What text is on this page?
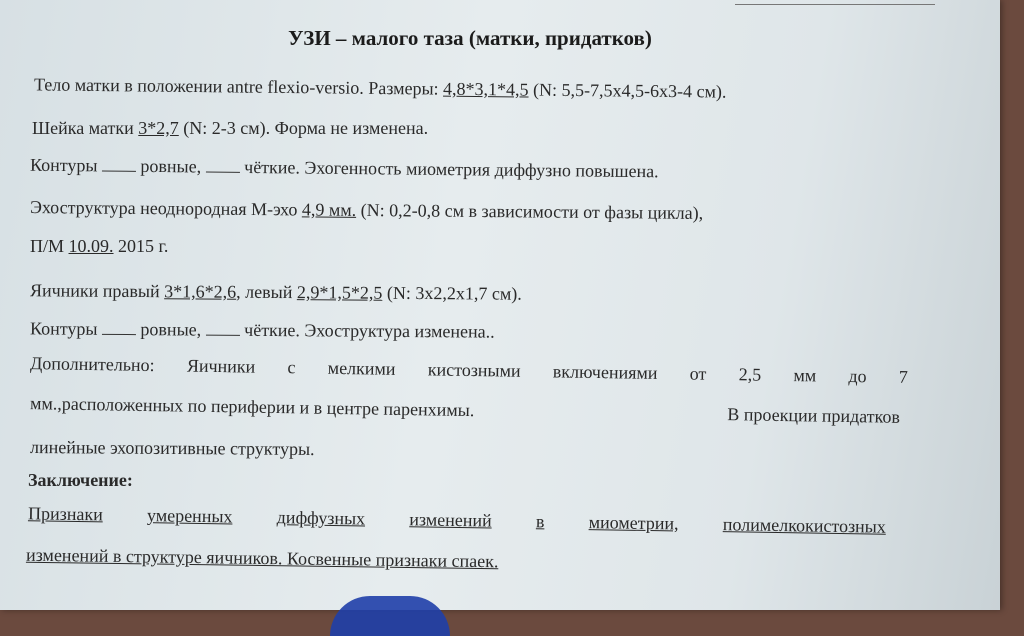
УЗИ – малого таза (матки, придатков)
Тело матки в положении antre flexio-versio. Размеры: 4,8*3,1*4,5 (N: 5,5-7,5х4,5-6х3-4 см).
Шейка матки 3*2,7 (N: 2-3 см). Форма не изменена.
Контуры  ровные,  чёткие. Эхогенность миометрия диффузно повышена.
Эхоструктура неоднородная М-эхо 4,9 мм. (N: 0,2-0,8 см в зависимости от фазы цикла),
П/М 10.09. 2015 г.
Яичники правый 3*1,6*2,6, левый 2,9*1,5*2,5 (N: 3х2,2х1,7 см).
Контуры  ровные,  чёткие. Эхоструктура изменена..
Дополнительно: Яичники с мелкими кистозными включениями от 2,5 мм до 7
мм.,расположенных по периферии и в центре паренхимы.	В проекции придатков
линейные эхопозитивные структуры.
Заключение:
Признаки умеренных диффузных изменений в миометрии, полимелкокистозных
изменений в структуре яичников. Косвенные признаки спаек.
